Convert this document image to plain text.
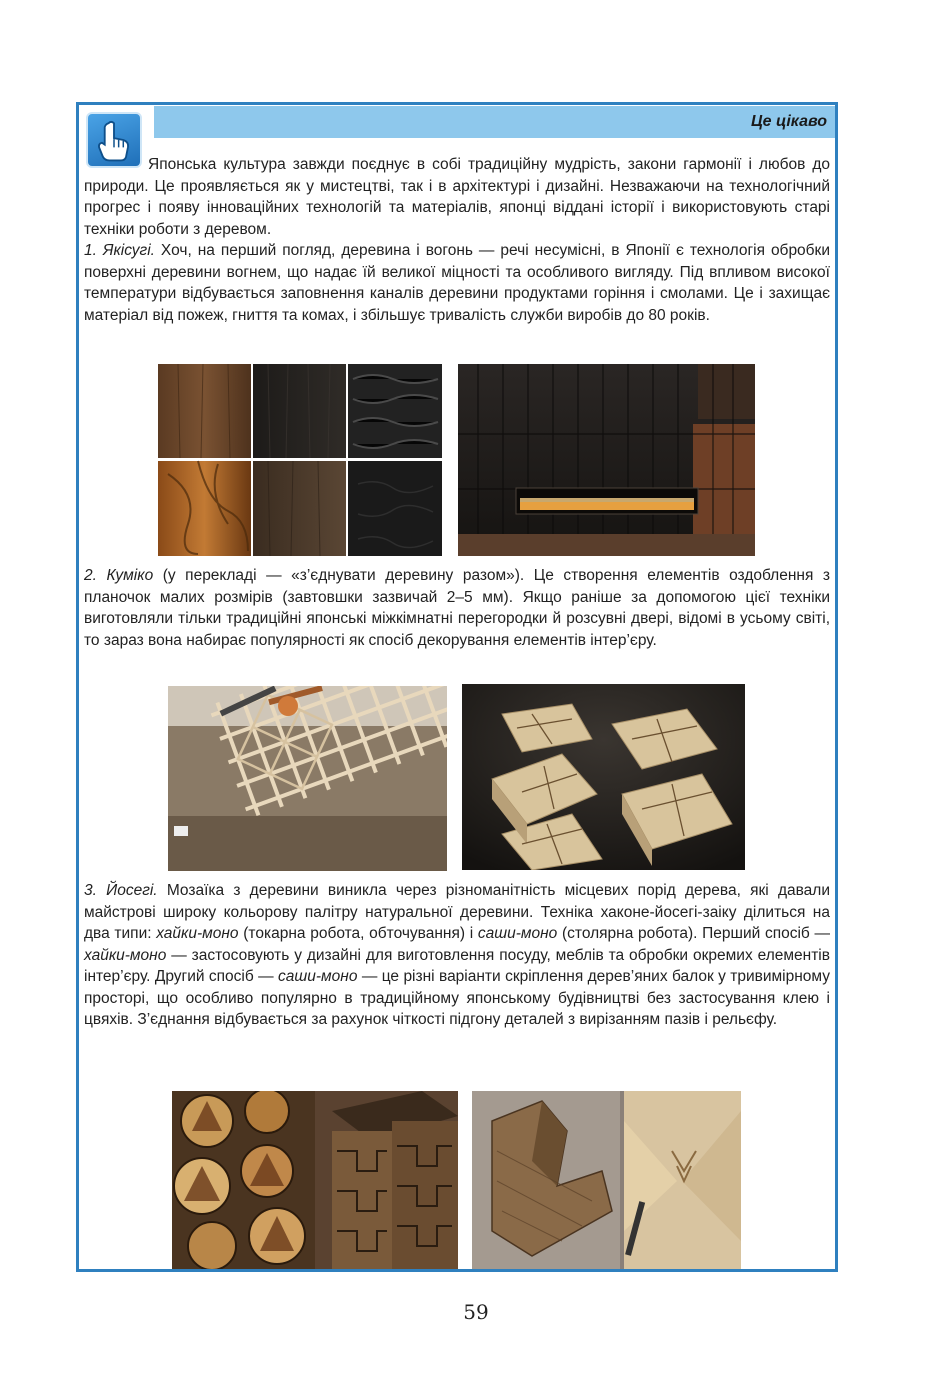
Це цікаво

Японська культура завжди поєднує в собі традиційну мудрість, закони гармонії і любов до природи. Це проявляється як у мистецтві, так і в архітектурі і дизайні. Незважаючи на технологічний прогрес і появу інноваційних технологій та матеріалів, японці віддані історії і використовують старі техніки роботи з деревом.

1. Якісугі. Хоч, на перший погляд, деревина і вогонь — речі несумісні, в Японії є технологія обробки поверхні деревини вогнем, що надає їй великої міцності та особливого вигляду. Під впливом високої температури відбувається заповнення каналів деревини продуктами горіння і смолами. Це і захищає матеріал від пожеж, гниття та комах, і збільшує тривалість служби виробів до 80 років.

2. Куміко (у перекладі — «з’єднувати деревину разом»). Це створення елементів оздоблення з планочок малих розмірів (завтовшки зазвичай 2–5 мм). Якщо раніше за допомогою цієї техніки виготовляли тільки традиційні японські міжкімнатні перегородки й розсувні двері, відомі в усьому світі, то зараз вона набирає популярності як спосіб декорування елементів інтер’єру.

3. Йосегі. Мозаїка з деревини виникла через різноманітність місцевих порід дерева, які давали майстрові широку кольорову палітру натуральної деревини. Техніка хаконе-йосегі-заіку ділиться на два типи: хайки-моно (токарна робота, обточування) і саши-моно (столярна робота). Перший спосіб — хайки-моно — застосовують у дизайні для виготовлення посуду, меблів та обробки окремих елементів інтер’єру. Другий спосіб — саши-моно — це різні варіанти скріплення дерев’яних балок у тривимірному просторі, що особливо популярно в традиційному японському будівництві без застосування клею і цвяхів. З’єднання відбувається за рахунок чіткості підгону деталей з вирізанням пазів і рельєфу.

59
